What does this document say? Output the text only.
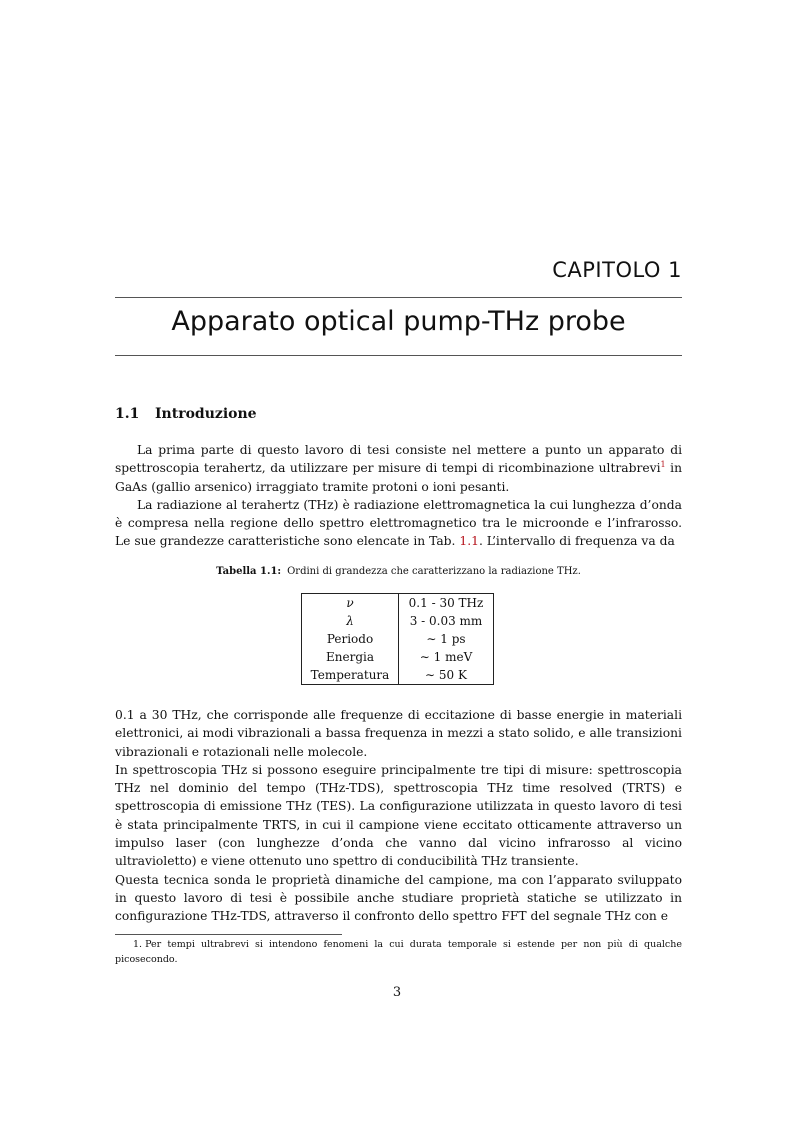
CAPITOLO 1
Apparato optical pump-THz probe
1.1 Introduzione

La prima parte di questo lavoro di tesi consiste nel mettere a punto un apparato di spettroscopia terahertz, da utilizzare per misure di tempi di ricombinazione ultrabrevi$^1$ in GaAs (gallio arsenico) irraggiato tramite protoni o ioni pesanti.

La radiazione al terahertz (THz) è radiazione elettromagnetica la cui lunghezza d’onda è compresa nella regione dello spettro elettromagnetico tra le microonde e l’infrarosso. Le sue grandezze caratteristiche sono elencate in Tab. 1.1. L’intervallo di frequenza va da

Tabella 1.1: Ordini di grandezza che caratterizzano la radiazione THz.
ν	0.1 - 30 THz
λ	3 - 0.03 mm
Periodo	∼ 1 ps
Energia	∼ 1 meV
Temperatura	∼ 50 K

0.1 a 30 THz, che corrisponde alle frequenze di eccitazione di basse energie in materiali elettronici, ai modi vibrazionali a bassa frequenza in mezzi a stato solido, e alle transizioni vibrazionali e rotazionali nelle molecole.

In spettroscopia THz si possono eseguire principalmente tre tipi di misure: spettroscopia THz nel dominio del tempo (THz-TDS), spettroscopia THz time resolved (TRTS) e spettroscopia di emissione THz (TES). La configurazione utilizzata in questo lavoro di tesi è stata principalmente TRTS, in cui il campione viene eccitato otticamente attraverso un impulso laser (con lunghezze d’onda che vanno dal vicino infrarosso al vicino ultravioletto) e viene ottenuto uno spettro di conducibilità THz transiente.

Questa tecnica sonda le proprietà dinamiche del campione, ma con l’apparato sviluppato in questo lavoro di tesi è possibile anche studiare proprietà statiche se utilizzato in configurazione THz-TDS, attraverso il confronto dello spettro FFT del segnale THz con e

1. Per tempi ultrabrevi si intendono fenomeni la cui durata temporale si estende per non più di qualche picosecondo.
3
